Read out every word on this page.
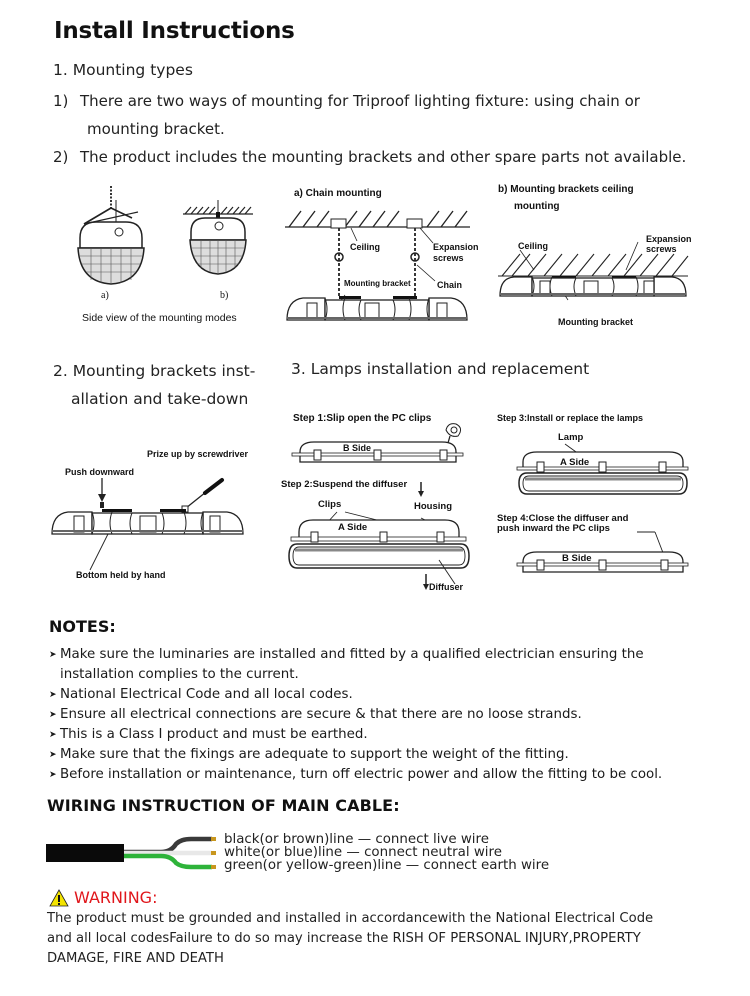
Install Instructions
1. Mounting types
1) There are two ways of mounting for Triproof lighting fixture: using chain or
mounting bracket.
2) The product includes the mounting brackets and other spare parts not available.
a)	b)
Side view of the mounting modes
a) Chain mounting
Ceiling	Expansion
screws
Mounting bracket	Chain
b) Mounting brackets ceiling
mounting
Ceiling
Expansion
screws
Mounting bracket
2. Mounting brackets inst-
allation and take-down
Prize up by screwdriver
Push downward
Bottom held by hand
3. Lamps installation and replacement
Step 1:Slip open the PC clips
B Side
Step 2:Suspend the diffuser
Clips	Housing
A Side
Diffuser
Step 3:Install or replace the lamps
Lamp
A Side
Step 4:Close the diffuser and
push inward the PC clips
B Side
NOTES:
➤ Make sure the luminaries are installed and fitted by a qualified electrician ensuring the
installation complies to the current.
➤ National Electrical Code and all local codes.
➤ Ensure all electrical connections are secure & that there are no loose strands.
➤ This is a Class I product and must be earthed.
➤ Make sure that the fixings are adequate to support the weight of the fitting.
➤ Before installation or maintenance, turn off electric power and allow the fitting to be cool.
WIRING INSTRUCTION OF MAIN CABLE:
black(or brown)line — connect live wire
white(or blue)line — connect neutral wire
green(or yellow-green)line — connect earth wire
WARNING:
The product must be grounded and installed in accordancewith the National Electrical Code
and all local codesFailure to do so may increase the RISH OF PERSONAL INJURY,PROPERTY
DAMAGE, FIRE AND DEATH
